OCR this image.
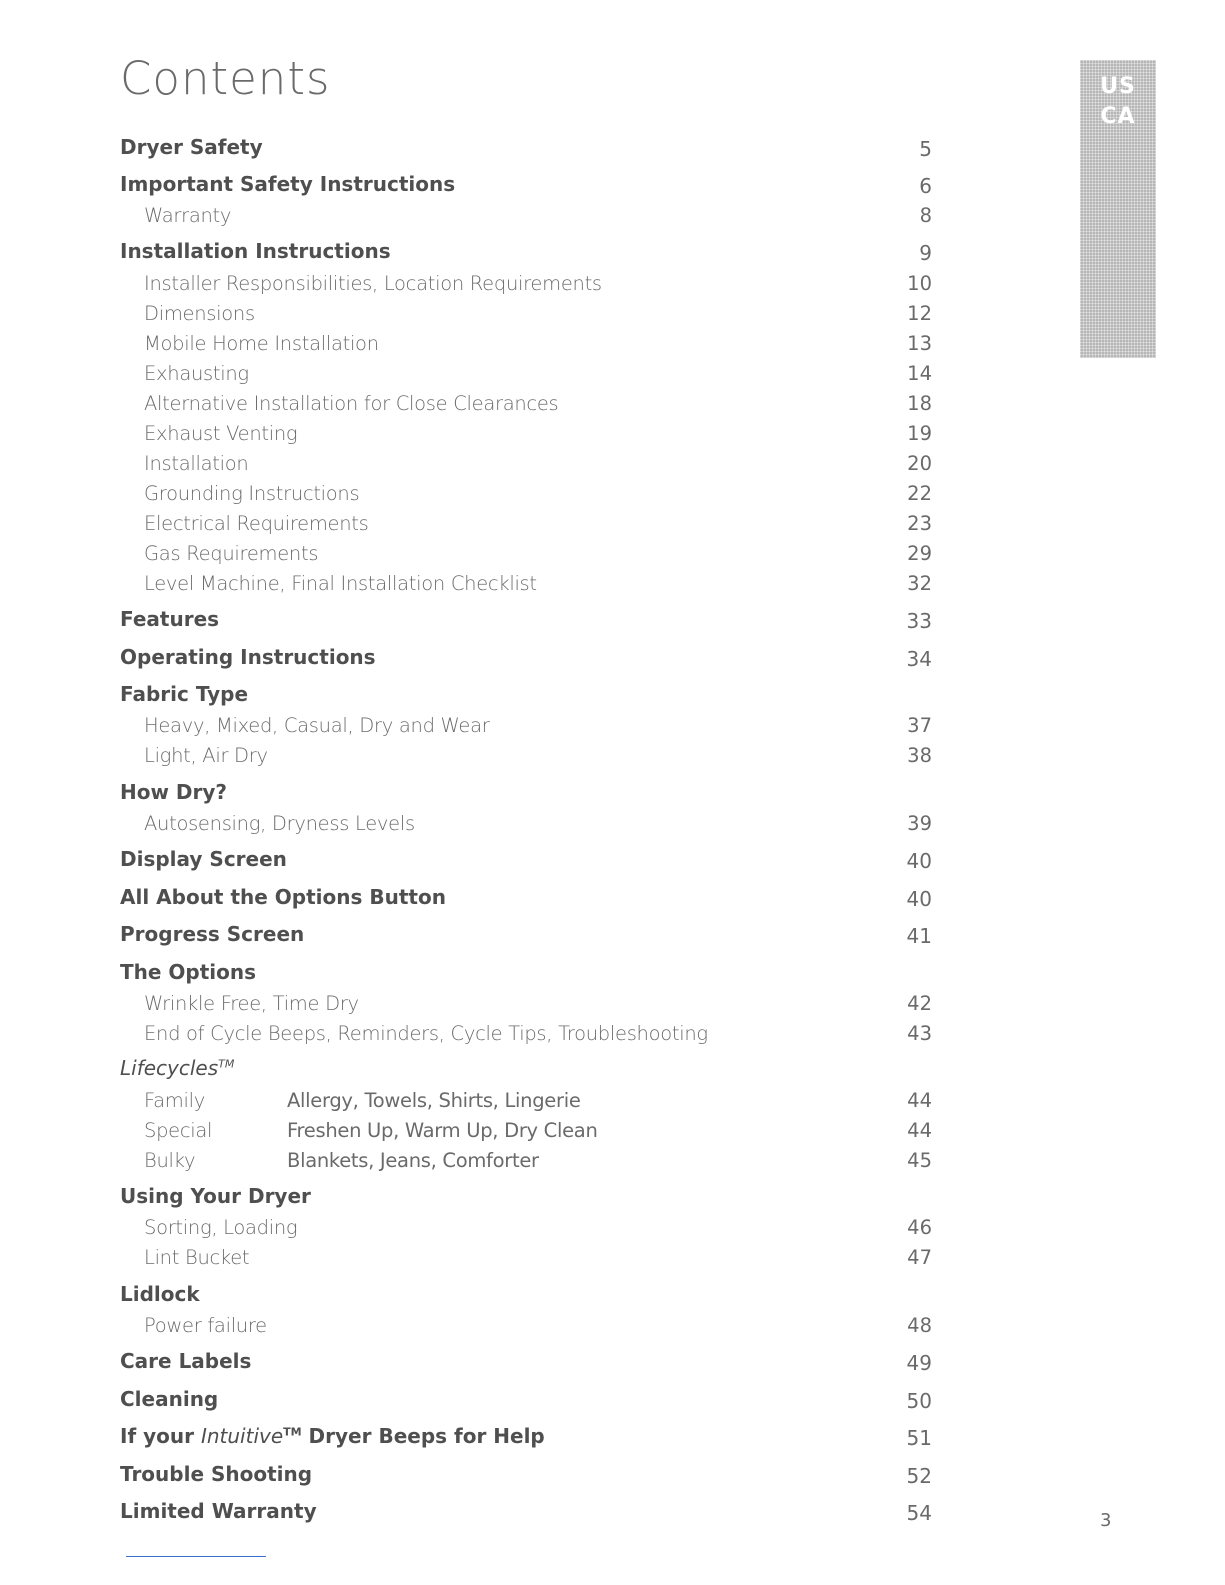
Contents	US
CA
Dryer Safety	5
Important Safety Instructions	6
Warranty	8
Installation Instructions	9
Installer Responsibilities, Location Requirements	10
Dimensions	12
Mobile Home Installation	13
Exhausting	14
Alternative Installation for Close Clearances	18
Exhaust Venting	19
Installation	20
Grounding Instructions	22
Electrical Requirements	23
Gas Requirements	29
Level Machine, Final Installation Checklist	32
Features	33
Operating Instructions	34
Fabric Type
Heavy, Mixed, Casual, Dry and Wear	37
Light, Air Dry	38
How Dry?
Autosensing, Dryness Levels	39
Display Screen	40
All About the Options Button	40
Progress Screen	41
The Options
Wrinkle Free, Time Dry	42
End of Cycle Beeps, Reminders, Cycle Tips, Troubleshooting	43
Lifecycles™
Family	Allergy, Towels, Shirts, Lingerie	44
Special	Freshen Up, Warm Up, Dry Clean	44
Bulky	Blankets, Jeans, Comforter	45
Using Your Dryer
Sorting, Loading	46
Lint Bucket	47
Lidlock
Power failure	48
Care Labels	49
Cleaning	50
If your Intuitive™ Dryer Beeps for Help	51
Trouble Shooting	52
Limited Warranty	54	3
